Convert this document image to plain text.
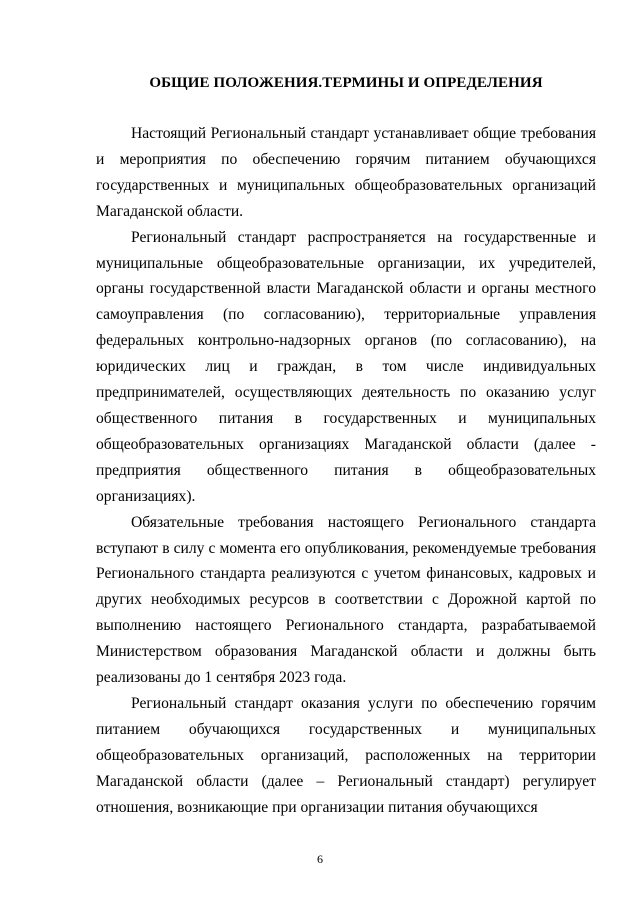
ОБЩИЕ ПОЛОЖЕНИЯ.ТЕРМИНЫ И ОПРЕДЕЛЕНИЯ

Настоящий Региональный стандарт устанавливает общие требования и мероприятия по обеспечению горячим питанием обучающихся государственных и муниципальных общеобразовательных организаций Магаданской области.

Региональный стандарт распространяется на государственные и муниципальные общеобразовательные организации, их учредителей, органы государственной власти Магаданской области и органы местного самоуправления (по согласованию), территориальные управления федеральных контрольно-надзорных органов (по согласованию), на юридических лиц и граждан, в том числе индивидуальных предпринимателей, осуществляющих деятельность по оказанию услуг общественного питания в государственных и муниципальных общеобразовательных организациях Магаданской области (далее - предприятия общественного питания в общеобразовательных организациях).

Обязательные требования настоящего Регионального стандарта вступают в силу с момента его опубликования, рекомендуемые требования Регионального стандарта реализуются с учетом финансовых, кадровых и других необходимых ресурсов в соответствии с Дорожной картой по выполнению настоящего Регионального стандарта, разрабатываемой Министерством образования Магаданской области и должны быть реализованы до 1 сентября 2023 года.

Региональный стандарт оказания услуги по обеспечению горячим питанием обучающихся государственных и муниципальных общеобразовательных организаций, расположенных на территории Магаданской области (далее – Региональный стандарт) регулирует отношения, возникающие при организации питания обучающихся

6
